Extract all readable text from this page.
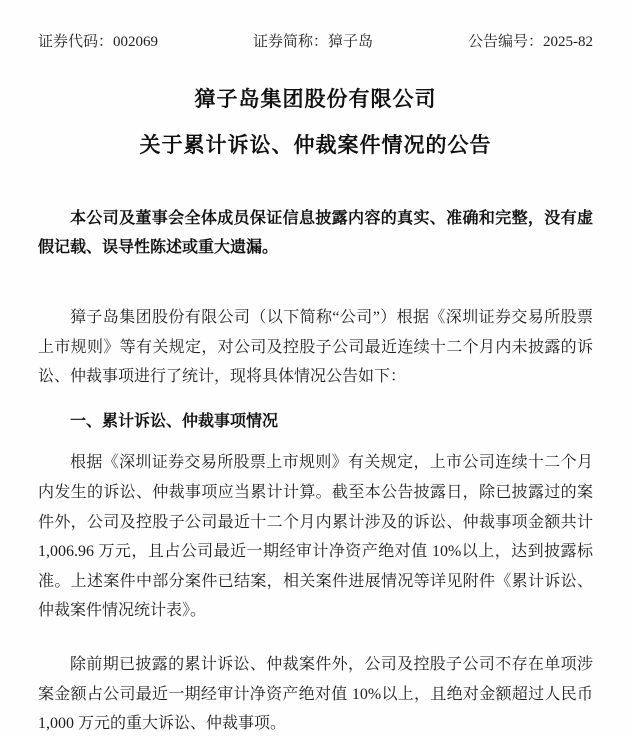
证券代码：002069	证券简称：獐子岛	公告编号：2025-82
獐子岛集团股份有限公司
关于累计诉讼、仲裁案件情况的公告

本公司及董事会全体成员保证信息披露内容的真实、准确和完整，没有虚假记载、误导性陈述或重大遗漏。

獐子岛集团股份有限公司（以下简称“公司”）根据《深圳证券交易所股票上市规则》等有关规定，对公司及控股子公司最近连续十二个月内未披露的诉讼、仲裁事项进行了统计，现将具体情况公告如下：

一、累计诉讼、仲裁事项情况

根据《深圳证券交易所股票上市规则》有关规定，上市公司连续十二个月内发生的诉讼、仲裁事项应当累计计算。截至本公告披露日，除已披露过的案件外，公司及控股子公司最近十二个月内累计涉及的诉讼、仲裁事项金额共计 1,006.96 万元，且占公司最近一期经审计净资产绝对值 10%以上，达到披露标准。上述案件中部分案件已结案，相关案件进展情况等详见附件《累计诉讼、仲裁案件情况统计表》。

除前期已披露的累计诉讼、仲裁案件外，公司及控股子公司不存在单项涉案金额占公司最近一期经审计净资产绝对值 10%以上，且绝对金额超过人民币 1,000 万元的重大诉讼、仲裁事项。
